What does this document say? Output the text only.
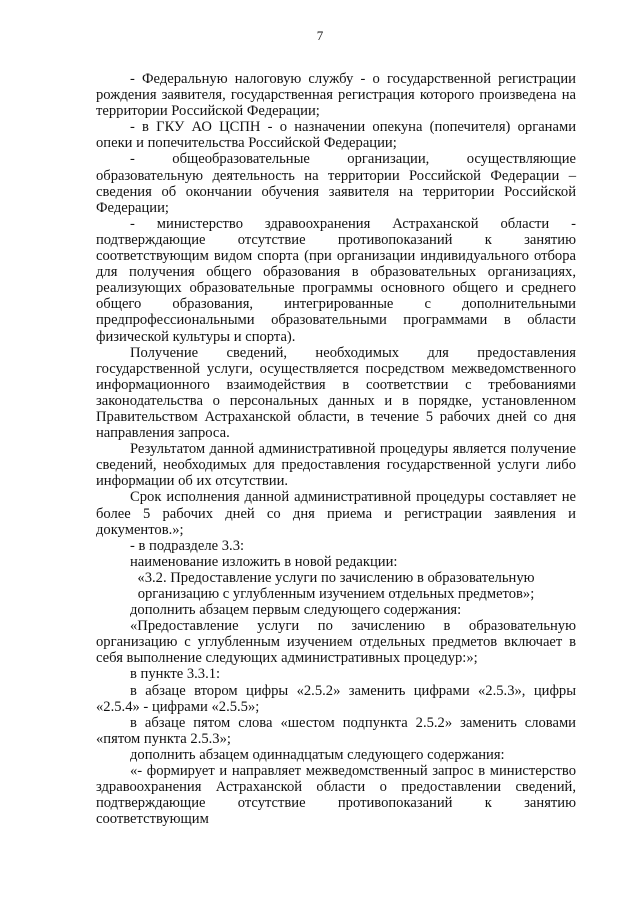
7

- Федеральную налоговую службу - о государственной регистрации рождения заявителя, государственная регистрация которого произведена на территории Российской Федерации;

- в ГКУ АО ЦСПН - о назначении опекуна (попечителя) органами опеки и попечительства Российской Федерации;

- общеобразовательные организации, осуществляющие образовательную деятельность на территории Российской Федерации – сведения об окончании обучения заявителя на территории Российской Федерации;

- министерство здравоохранения Астраханской области - подтверждающие отсутствие противопоказаний к занятию соответствующим видом спорта (при организации индивидуального отбора для получения общего образования в образовательных организациях, реализующих образовательные программы основного общего и среднего общего образования, интегрированные с дополнительными предпрофессиональными образовательными программами в области физической культуры и спорта).

Получение сведений, необходимых для предоставления государственной услуги, осуществляется посредством межведомственного информационного взаимодействия в соответствии с требованиями законодательства о персональных данных и в порядке, установленном Правительством Астраханской области, в течение 5 рабочих дней со дня направления запроса.

Результатом данной административной процедуры является получение сведений, необходимых для предоставления государственной услуги либо информации об их отсутствии.

Срок исполнения данной административной процедуры составляет не более 5 рабочих дней со дня приема и регистрации заявления и документов.»;

- в подразделе 3.3:

наименование изложить в новой редакции:

«3.2. Предоставление услуги по зачислению в образовательную организацию с углубленным изучением отдельных предметов»;

дополнить абзацем первым следующего содержания:

«Предоставление услуги по зачислению в образовательную организацию с углубленным изучением отдельных предметов включает в себя выполнение следующих административных процедур:»;

в пункте 3.3.1:

в абзаце втором цифры «2.5.2» заменить цифрами «2.5.3», цифры «2.5.4» - цифрами «2.5.5»;

в абзаце пятом слова «шестом подпункта 2.5.2» заменить словами «пятом пункта 2.5.3»;

дополнить абзацем одиннадцатым следующего содержания:

«- формирует и направляет межведомственный запрос в министерство здравоохранения Астраханской области о предоставлении сведений, подтверждающие отсутствие противопоказаний к занятию соответствующим
